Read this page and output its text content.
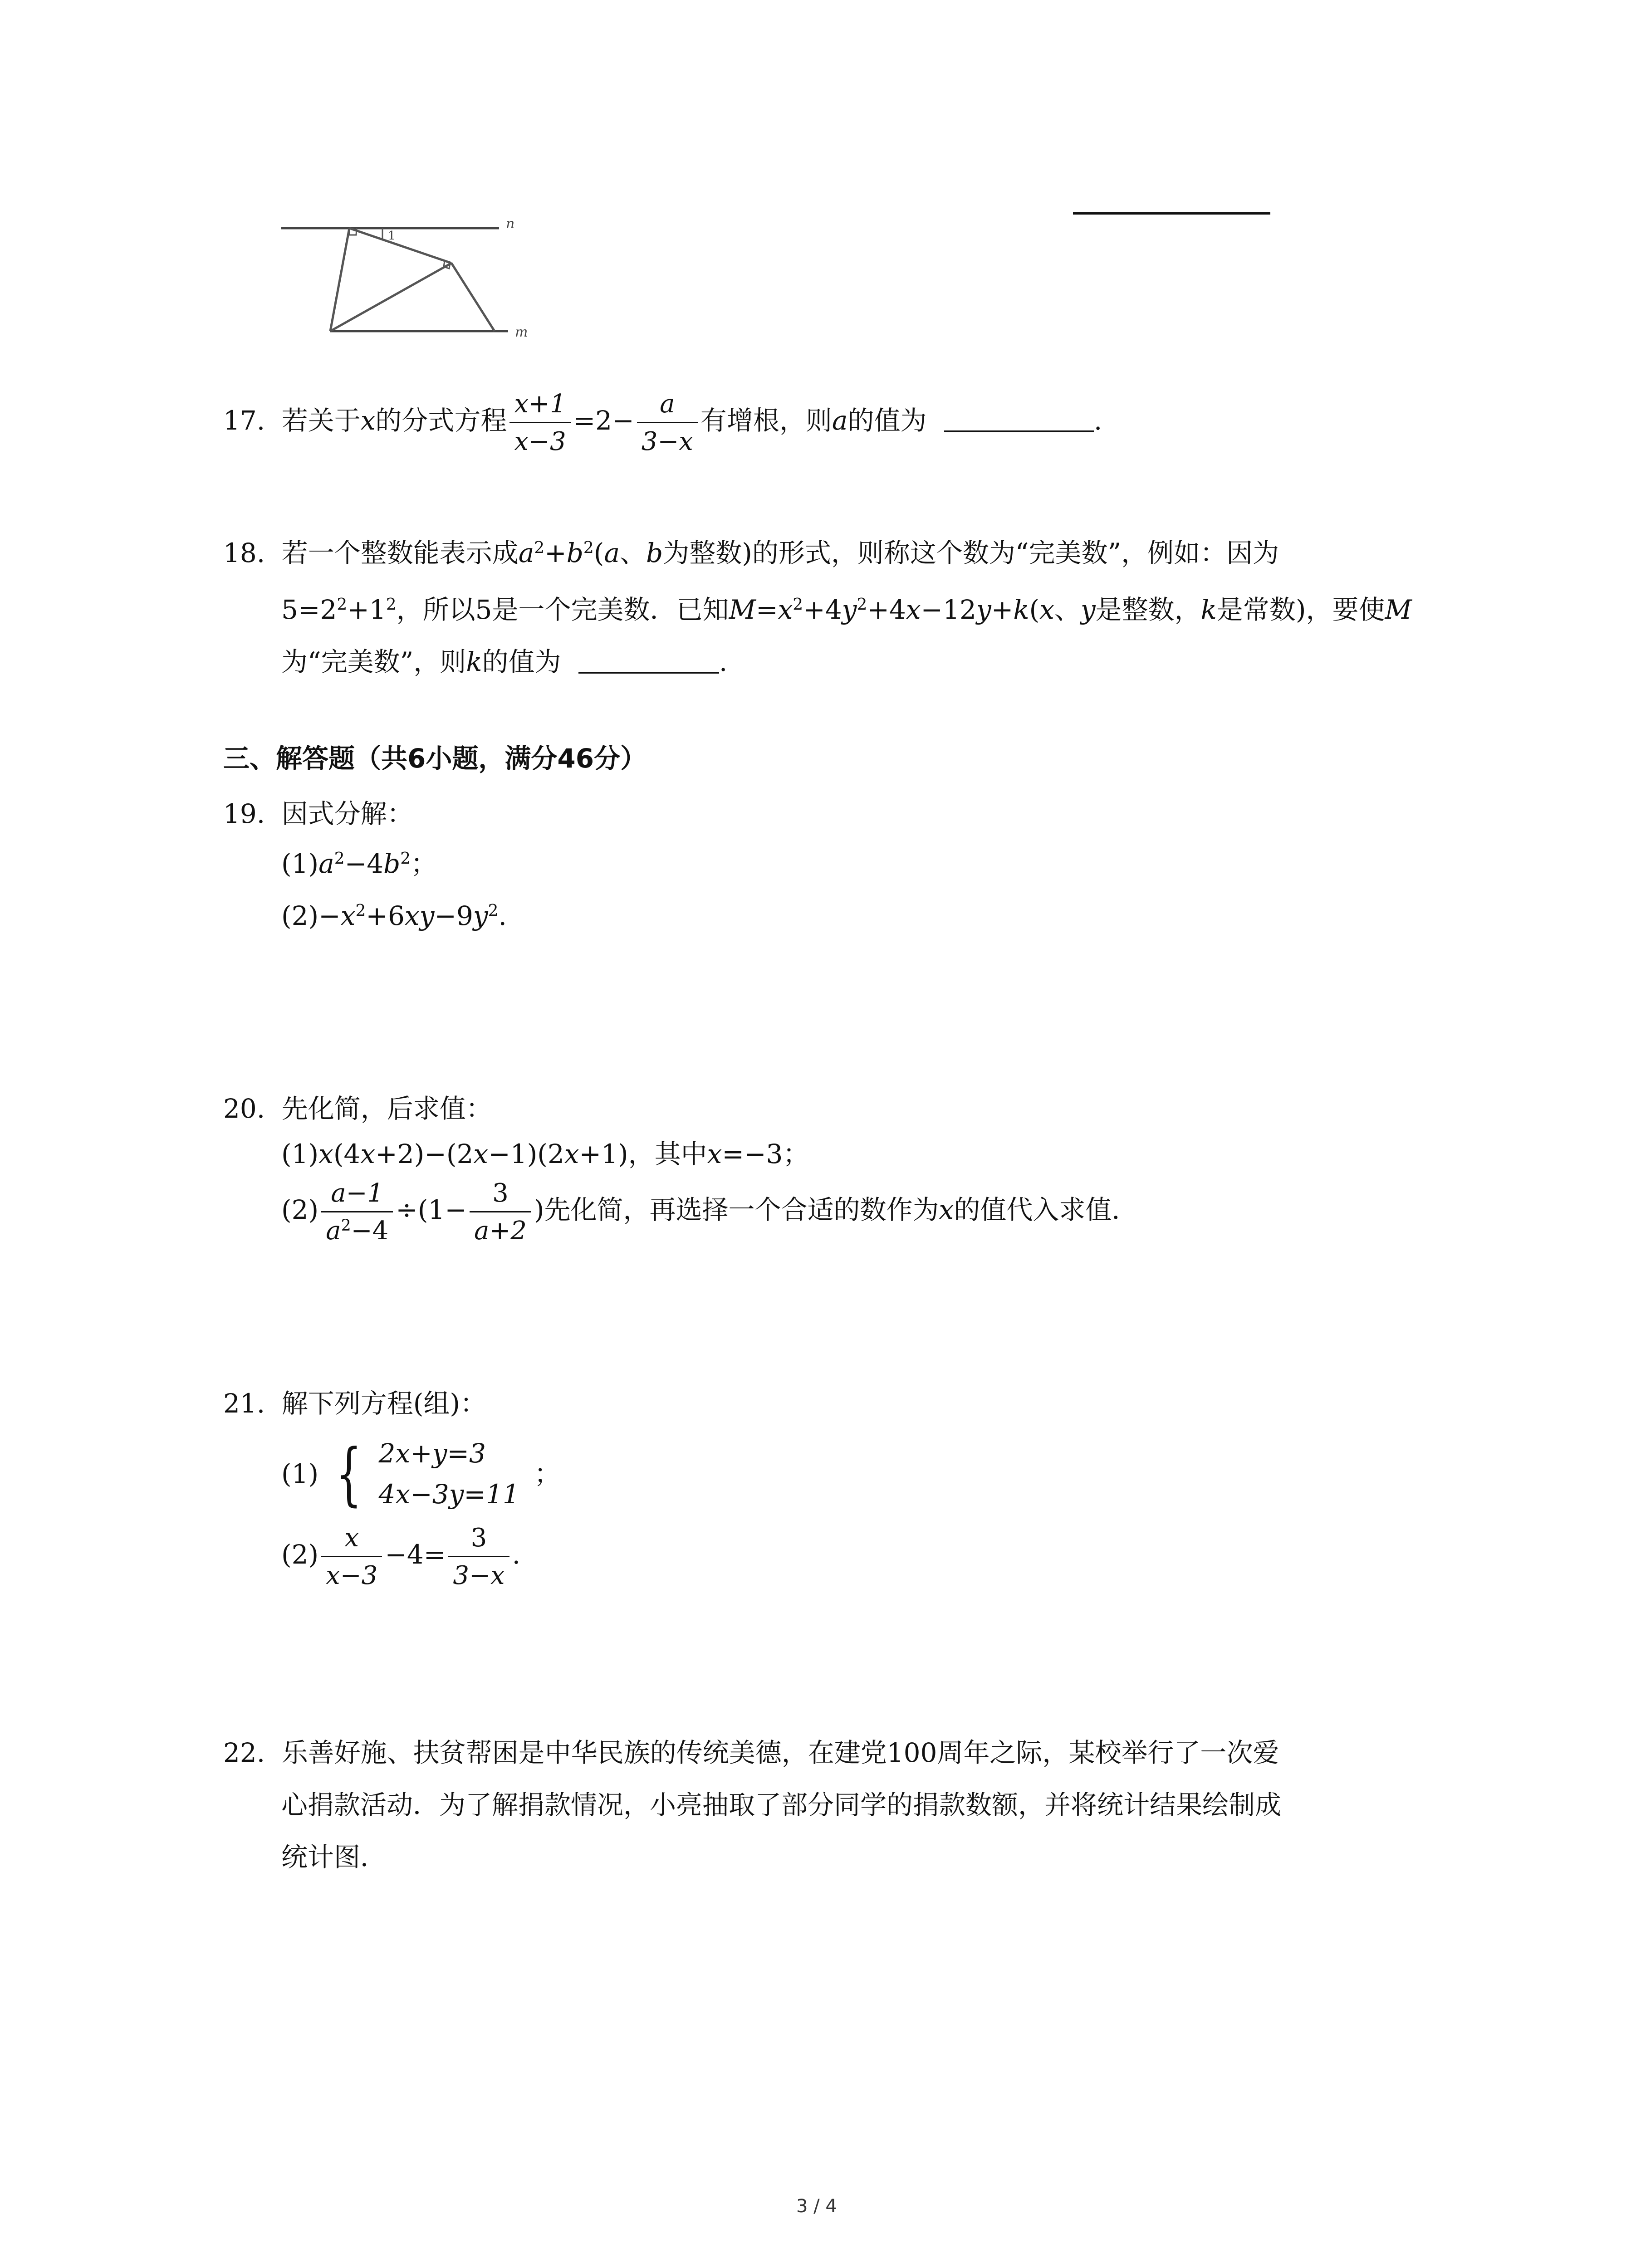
1
n
m
17. 若关于x的分式方程 $\frac{x+1}{x-3} =2- \frac{a}{3-x}$ 有增根，则a的值为	.
18. 若一个整数能表示成$a^2+b^2(a$、b为整数)的形式，则称这个数为“完美数”，例如：因为
$5=2^2+1^2$，所以5是一个完美数．已知$M=x^2+4y^2+4x-12y+k(x$、y是整数，k是常数)，要使M
为“完美数”，则k的值为	.
三、解答题（共6小题，满分46分）
19. 因式分解：
$(1)a^2-4b^2$；
$(2)-x^2+6xy-9y^2$.
20. 先化简，后求值：
(1)x(4x+2)−(2x−1)(2x+1)，其中x=−3；
$(2) \frac{a-1}{a^2-4} \div(1- \frac{3}{a+2}$ )先化简，再选择一个合适的数作为x的值代入求值．
21. 解下列方程(组)：
(1) { 2x+y=3
4x−3y=11
；
$(2) \frac{x}{x-3} -4= \frac{3}{3-x}$ .
22. 乐善好施、扶贫帮困是中华民族的传统美德，在建党100周年之际，某校举行了一次爱
心捐款活动．为了解捐款情况，小亮抽取了部分同学的捐款数额，并将统计结果绘制成
统计图．
3 / 4
